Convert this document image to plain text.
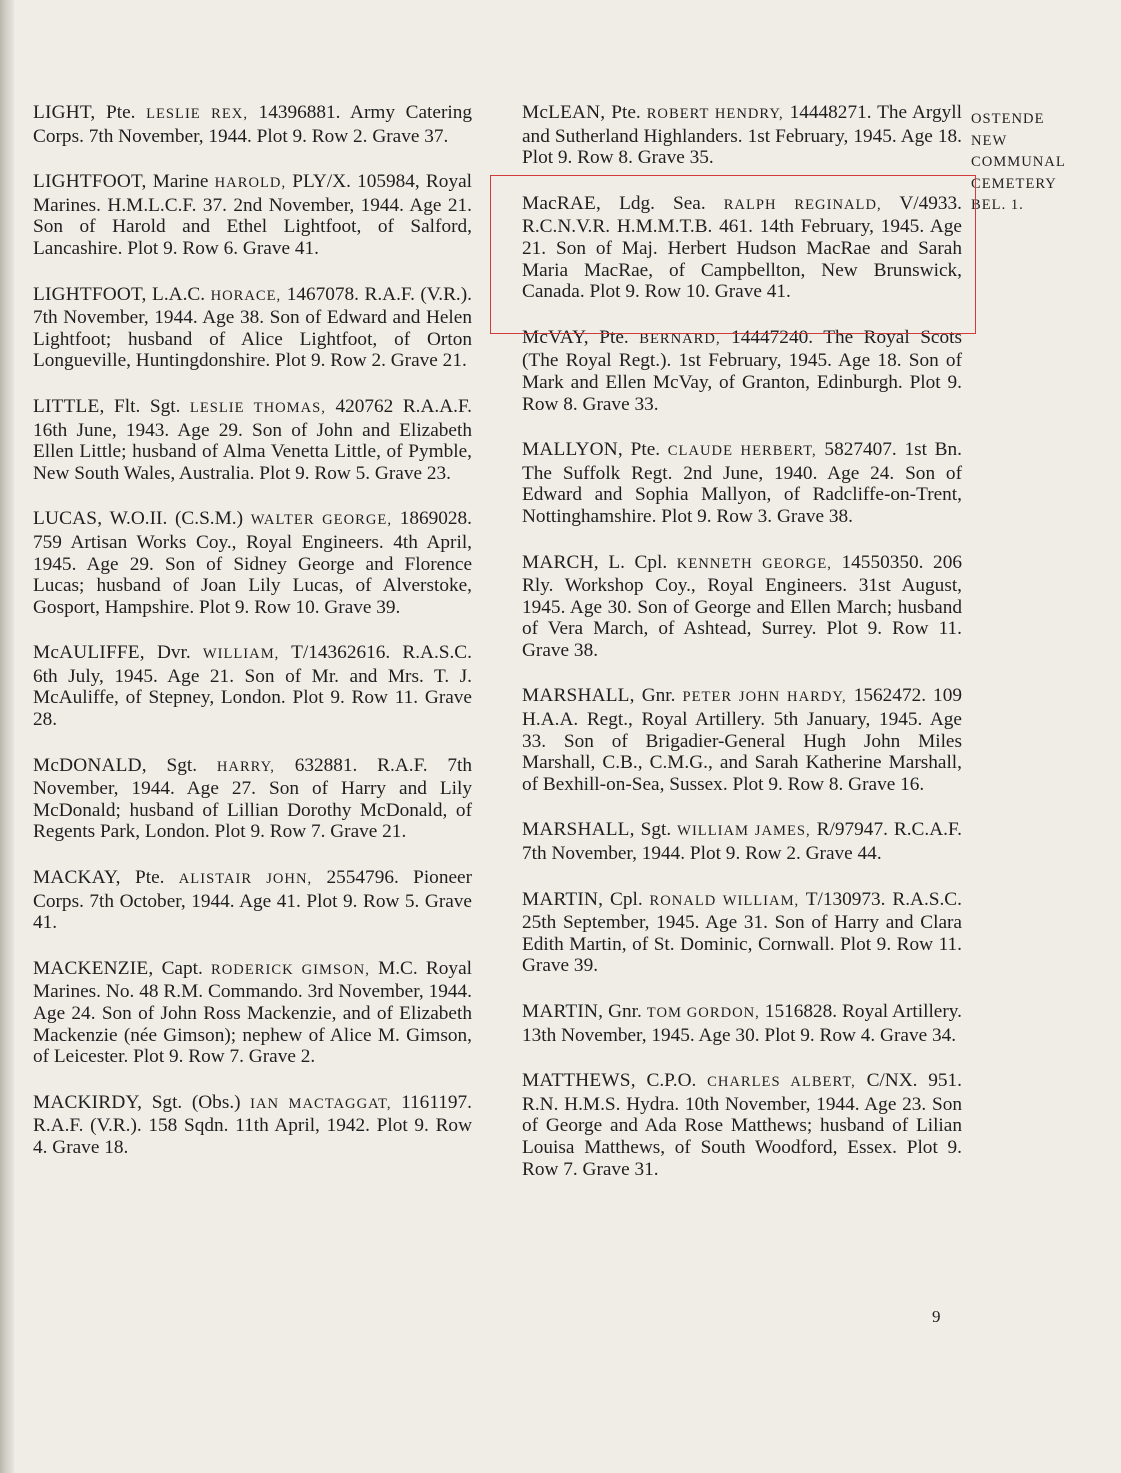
LIGHT, Pte. LESLIE REX, 14396881. Army Catering Corps. 7th November, 1944. Plot 9. Row 2. Grave 37.

LIGHTFOOT, Marine HAROLD, PLY/X. 105984, Royal Marines. H.M.L.C.F. 37. 2nd November, 1944. Age 21. Son of Harold and Ethel Lightfoot, of Salford, Lancashire. Plot 9. Row 6. Grave 41.

LIGHTFOOT, L.A.C. HORACE, 1467078. R.A.F. (V.R.). 7th November, 1944. Age 38. Son of Edward and Helen Lightfoot; husband of Alice Lightfoot, of Orton Longueville, Huntingdonshire. Plot 9. Row 2. Grave 21.

LITTLE, Flt. Sgt. LESLIE THOMAS, 420762 R.A.A.F. 16th June, 1943. Age 29. Son of John and Elizabeth Ellen Little; husband of Alma Venetta Little, of Pymble, New South Wales, Australia. Plot 9. Row 5. Grave 23.

LUCAS, W.O.II. (C.S.M.) WALTER GEORGE, 1869028. 759 Artisan Works Coy., Royal Engineers. 4th April, 1945. Age 29. Son of Sidney George and Florence Lucas; husband of Joan Lily Lucas, of Alverstoke, Gosport, Hampshire. Plot 9. Row 10. Grave 39.

McAULIFFE, Dvr. WILLIAM, T/14362616. R.A.S.C. 6th July, 1945. Age 21. Son of Mr. and Mrs. T. J. McAuliffe, of Stepney, London. Plot 9. Row 11. Grave 28.

McDONALD, Sgt. HARRY, 632881. R.A.F. 7th November, 1944. Age 27. Son of Harry and Lily McDonald; husband of Lillian Dorothy McDonald, of Regents Park, London. Plot 9. Row 7. Grave 21.

MACKAY, Pte. ALISTAIR JOHN, 2554796. Pioneer Corps. 7th October, 1944. Age 41. Plot 9. Row 5. Grave 41.

MACKENZIE, Capt. RODERICK GIMSON, M.C. Royal Marines. No. 48 R.M. Commando. 3rd November, 1944. Age 24. Son of John Ross Mackenzie, and of Elizabeth Mackenzie (née Gimson); nephew of Alice M. Gimson, of Leicester. Plot 9. Row 7. Grave 2.

MACKIRDY, Sgt. (Obs.) IAN MACTAGGAT, 1161197. R.A.F. (V.R.). 158 Sqdn. 11th April, 1942. Plot 9. Row 4. Grave 18.

McLEAN, Pte. ROBERT HENDRY, 14448271. The Argyll and Sutherland Highlanders. 1st February, 1945. Age 18. Plot 9. Row 8. Grave 35.

MacRAE, Ldg. Sea. RALPH REGINALD, V/4933. R.C.N.V.R. H.M.M.T.B. 461. 14th February, 1945. Age 21. Son of Maj. Herbert Hudson MacRae and Sarah Maria MacRae, of Campbellton, New Brunswick, Canada. Plot 9. Row 10. Grave 41.

McVAY, Pte. BERNARD, 14447240. The Royal Scots (The Royal Regt.). 1st February, 1945. Age 18. Son of Mark and Ellen McVay, of Granton, Edinburgh. Plot 9. Row 8. Grave 33.

MALLYON, Pte. CLAUDE HERBERT, 5827407. 1st Bn. The Suffolk Regt. 2nd June, 1940. Age 24. Son of Edward and Sophia Mallyon, of Radcliffe-on-Trent, Nottinghamshire. Plot 9. Row 3. Grave 38.

MARCH, L. Cpl. KENNETH GEORGE, 14550350. 206 Rly. Workshop Coy., Royal Engineers. 31st August, 1945. Age 30. Son of George and Ellen March; husband of Vera March, of Ashtead, Surrey. Plot 9. Row 11. Grave 38.

MARSHALL, Gnr. PETER JOHN HARDY, 1562472. 109 H.A.A. Regt., Royal Artillery. 5th January, 1945. Age 33. Son of Brigadier-General Hugh John Miles Marshall, C.B., C.M.G., and Sarah Katherine Marshall, of Bexhill-on-Sea, Sussex. Plot 9. Row 8. Grave 16.

MARSHALL, Sgt. WILLIAM JAMES, R/97947. R.C.A.F. 7th November, 1944. Plot 9. Row 2. Grave 44.

MARTIN, Cpl. RONALD WILLIAM, T/130973. R.A.S.C. 25th September, 1945. Age 31. Son of Harry and Clara Edith Martin, of St. Dominic, Cornwall. Plot 9. Row 11. Grave 39.

MARTIN, Gnr. TOM GORDON, 1516828. Royal Artillery. 13th November, 1945. Age 30. Plot 9. Row 4. Grave 34.

MATTHEWS, C.P.O. CHARLES ALBERT, C/NX. 951. R.N. H.M.S. Hydra. 10th November, 1944. Age 23. Son of George and Ada Rose Matthews; husband of Lilian Louisa Matthews, of South Woodford, Essex. Plot 9. Row 7. Grave 31.

OSTENDE
NEW
COMMUNAL
CEMETERY
BEL. 1.
9
